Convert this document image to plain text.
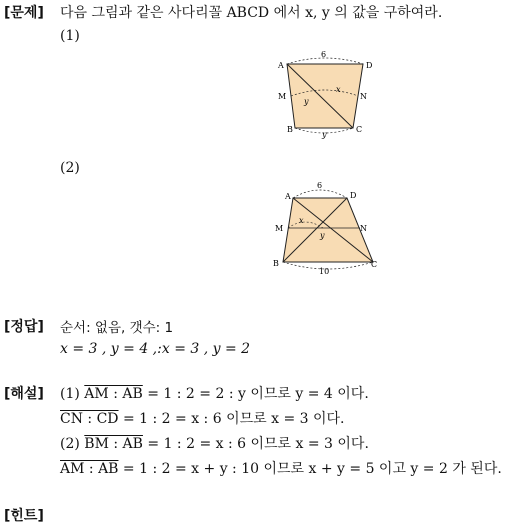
[문제] 다음 그림과 같은 사다리꼴 ABCD 에서 x, y 의 값을 구하여라.
(1)
A	D
M	N
B	C
6
y
x
y
(2)
A	D
M	N
B	C
6
x
y
10
[정답] 순서: 없음, 갯수: 1
x = 3 , y = 4 ,:x = 3 , y = 2
[해설] (1) AM : AB = 1 : 2 = 2 : y 이므로 y = 4 이다.
CN : CD = 1 : 2 = x : 6 이므로 x = 3 이다.
(2) BM : AB = 1 : 2 = x : 6 이므로 x = 3 이다.
AM : AB = 1 : 2 = x + y : 10 이므로 x + y = 5 이고 y = 2 가 된다.
[힌트]
